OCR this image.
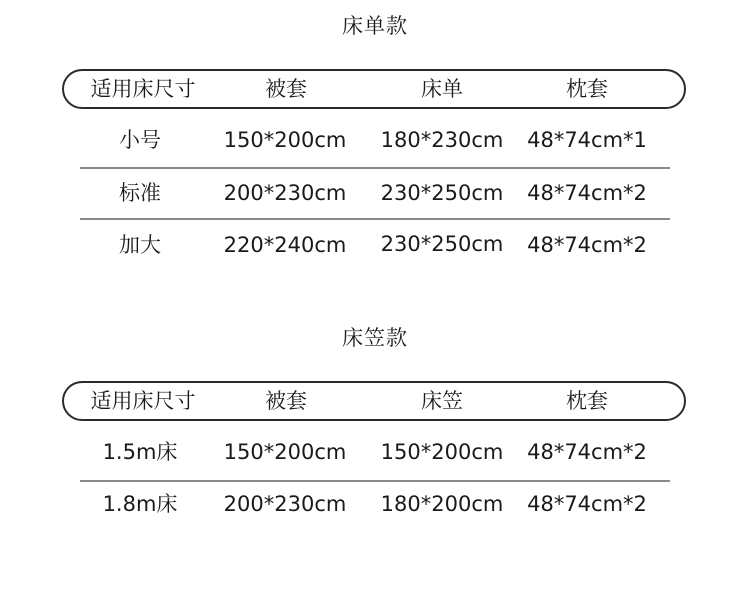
床单款
适用床尺寸	被套	床单	枕套
小号	150*200cm	180*230cm	48*74cm*1
标准	200*230cm	230*250cm	48*74cm*2
加大	220*240cm	230*250cm	48*74cm*2
床笠款
适用床尺寸	被套	床笠	枕套
1.5m床	150*200cm	150*200cm	48*74cm*2
1.8m床	200*230cm	180*200cm	48*74cm*2
